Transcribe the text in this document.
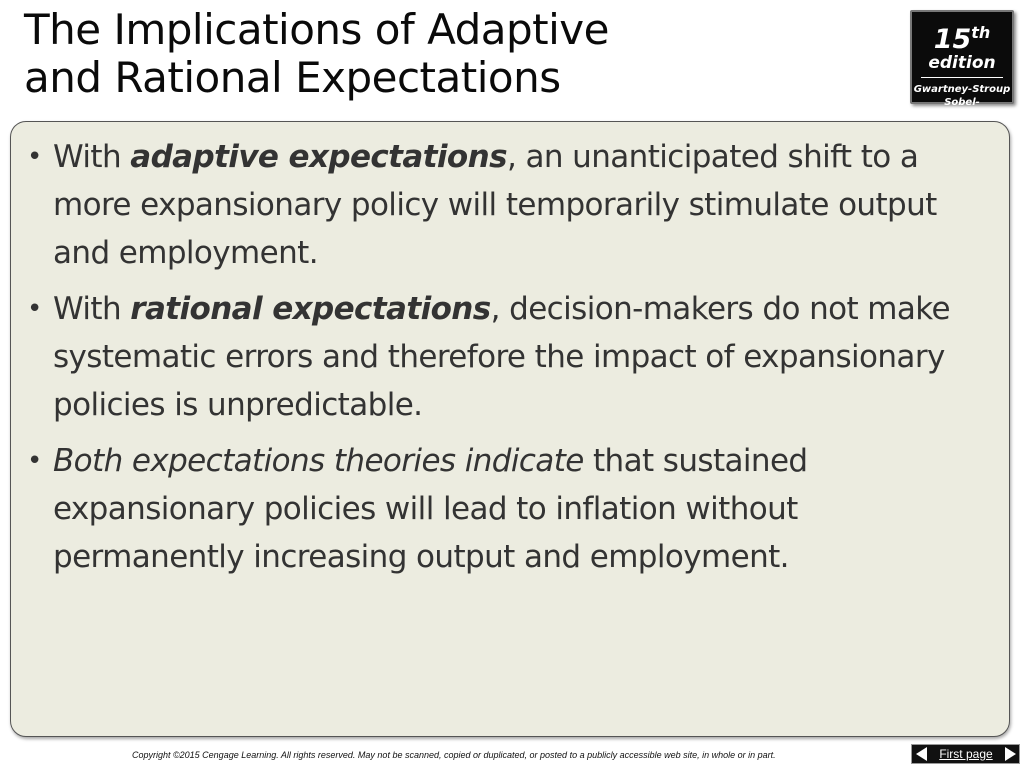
The Implications of Adaptive
and Rational Expectations
15th
edition
Gwartney-Stroup
Sobel-Macpherson
• With adaptive expectations, an unanticipated shift to a more expansionary policy will temporarily stimulate output and employment.
• With rational expectations, decision-makers do not make systematic errors and therefore the impact of expansionary policies is unpredictable.
• Both expectations theories indicate that sustained expansionary policies will lead to inflation without permanently increasing output and employment.
Copyright ©2015 Cengage Learning. All rights reserved. May not be scanned, copied or duplicated, or posted to a publicly accessible web site, in whole or in part.	First page
